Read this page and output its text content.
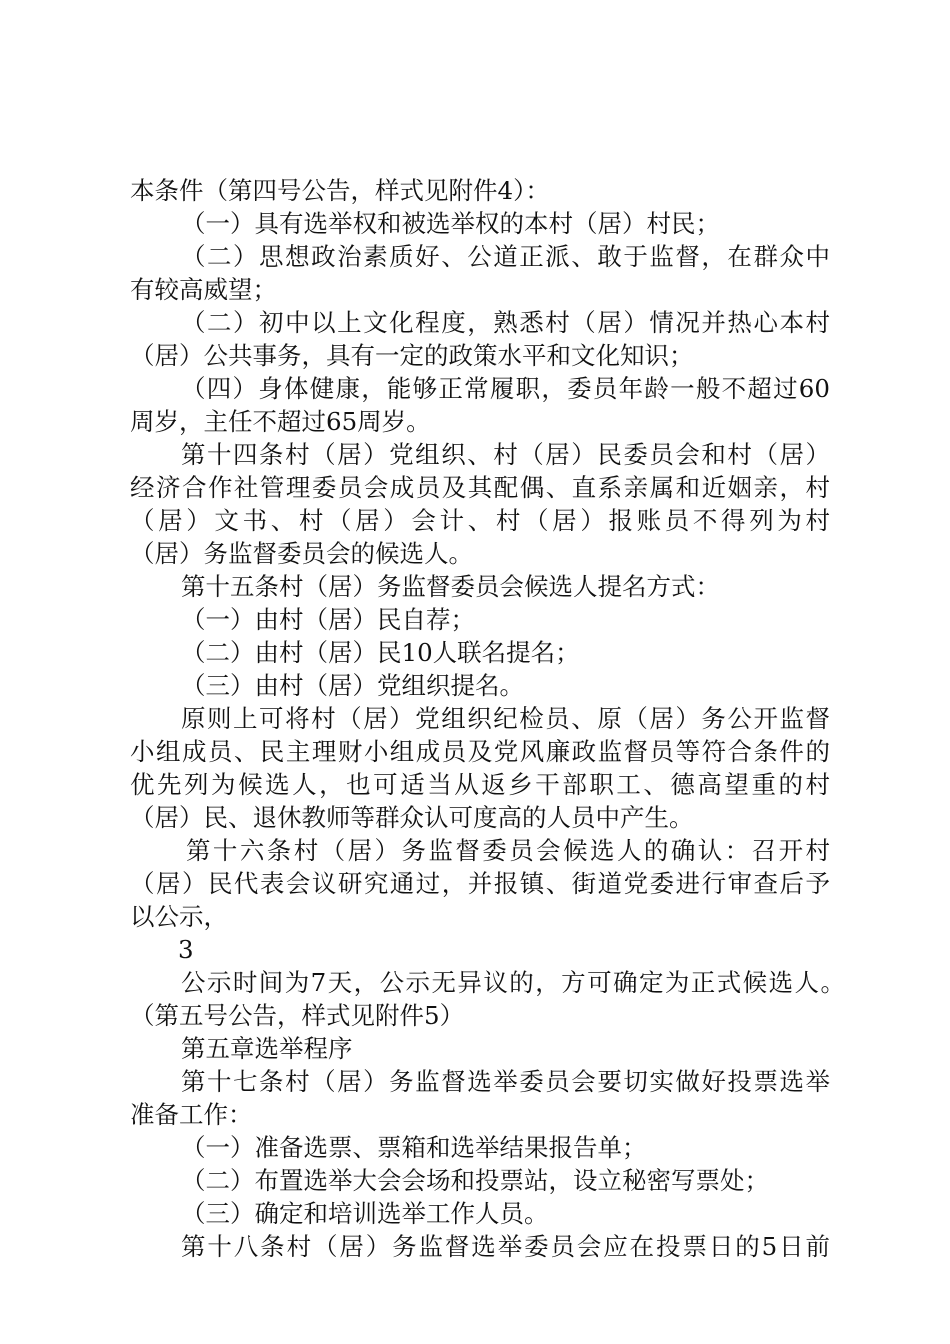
本条件（第四号公告，样式见附件4）：
（一）具有选举权和被选举权的本村（居）村民；
（二）思想政治素质好、公道正派、敢于监督，在群众中
有较高威望；
（二）初中以上文化程度，熟悉村（居）情况并热心本村
（居）公共事务，具有一定的政策水平和文化知识；
（四）身体健康，能够正常履职，委员年龄一般不超过60
周岁，主任不超过65周岁。
第十四条村（居）党组织、村（居）民委员会和村（居）
经济合作社管理委员会成员及其配偶、直系亲属和近姻亲，村
（居）文书、村（居）会计、村（居）报账员不得列为村
（居）务监督委员会的候选人。
第十五条村（居）务监督委员会候选人提名方式：
（一）由村（居）民自荐；
（二）由村（居）民10人联名提名；
（三）由村（居）党组织提名。
原则上可将村（居）党组织纪检员、原（居）务公开监督
小组成员、民主理财小组成员及党风廉政监督员等符合条件的
优先列为候选人，也可适当从返乡干部职工、德高望重的村
（居）民、退休教师等群众认可度高的人员中产生。
第十六条村（居）务监督委员会候选人的确认：召开村
（居）民代表会议研究通过，并报镇、街道党委进行审查后予
以公示，
3
公示时间为7天，公示无异议的，方可确定为正式候选人。
（第五号公告，样式见附件5）
第五章选举程序
第十七条村（居）务监督选举委员会要切实做好投票选举
准备工作：
（一）准备选票、票箱和选举结果报告单；
（二）布置选举大会会场和投票站，设立秘密写票处；
（三）确定和培训选举工作人员。
第十八条村（居）务监督选举委员会应在投票日的5日前
